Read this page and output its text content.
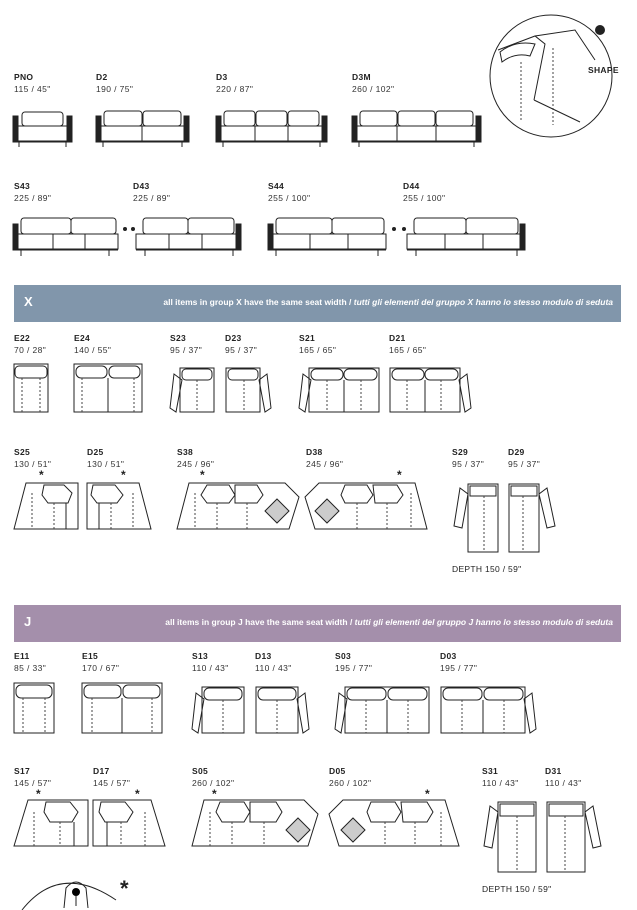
SHAPE
PNO
115 / 45"
D2
190 / 75"
D3
220 / 87"
D3M
260 / 102"
S43
225 / 89"
D43
225 / 89"
S44
255 / 100"
D44
255 / 100"
X	all items in group X have the same seat width / tutti gli elementi del gruppo X hanno lo stesso modulo di seduta
E22
70 / 28"
E24
140 / 55"
S23
95 / 37"
D23
95 / 37"
S21
165 / 65"
D21
165 / 65"
S25
130 / 51"
D25
130 / 51"
S38
245 / 96"
D38
245 / 96"
S29
95 / 37"
D29
95 / 37"
*	*	*	*
DEPTH 150 / 59"
J	all items in group J have the same seat width / tutti gli elementi del gruppo J hanno lo stesso modulo di seduta
E11
85 / 33"
E15
170 / 67"
S13
110 / 43"
D13
110 / 43"
S03
195 / 77"
D03
195 / 77"
S17
145 / 57"
D17
145 / 57"
S05
260 / 102"
D05
260 / 102"
S31
110 / 43"
D31
110 / 43"
*	*	*	*
DEPTH 150 / 59"
*
